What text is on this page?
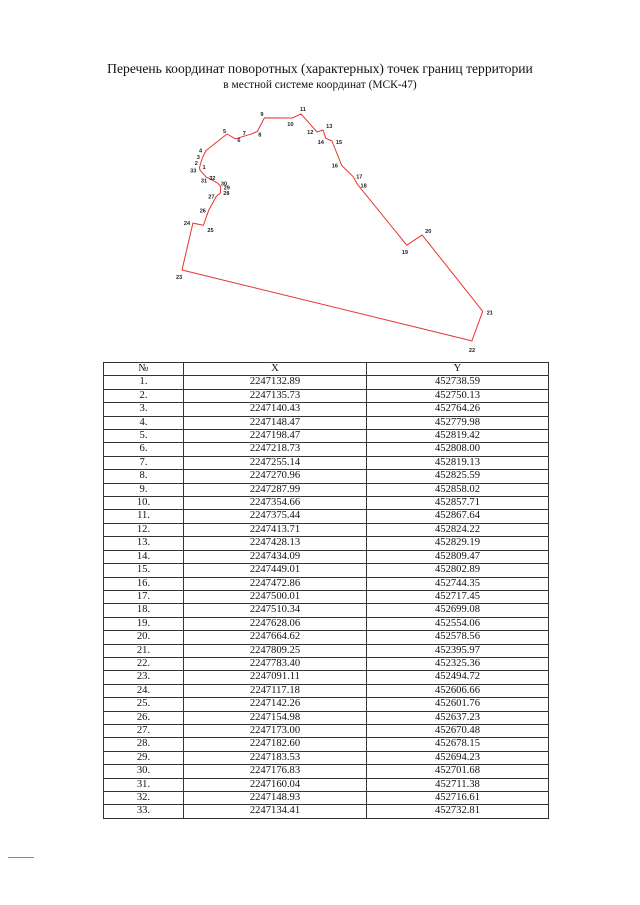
Перечень координат поворотных (характерных) точек границ территории
в местной системе координат (МСК-47)
1
2
3
4
5
6
7 8
9
10
11
12
13
14 15
16
17
18
19
20
21
22
23
24
25
26
27
28
29
30
31 32
33
№	X	Y
1.	2247132.89	452738.59
2.	2247135.73	452750.13
3.	2247140.43	452764.26
4.	2247148.47	452779.98
5.	2247198.47	452819.42
6.	2247218.73	452808.00
7.	2247255.14	452819.13
8.	2247270.96	452825.59
9.	2247287.99	452858.02
10.	2247354.66	452857.71
11.	2247375.44	452867.64
12.	2247413.71	452824.22
13.	2247428.13	452829.19
14.	2247434.09	452809.47
15.	2247449.01	452802.89
16.	2247472.86	452744.35
17.	2247500.01	452717.45
18.	2247510.34	452699.08
19.	2247628.06	452554.06
20.	2247664.62	452578.56
21.	2247809.25	452395.97
22.	2247783.40	452325.36
23.	2247091.11	452494.72
24.	2247117.18	452606.66
25.	2247142.26	452601.76
26.	2247154.98	452637.23
27.	2247173.00	452670.48
28.	2247182.60	452678.15
29.	2247183.53	452694.23
30.	2247176.83	452701.68
31.	2247160.04	452711.38
32.	2247148.93	452716.61
33.	2247134.41	452732.81
